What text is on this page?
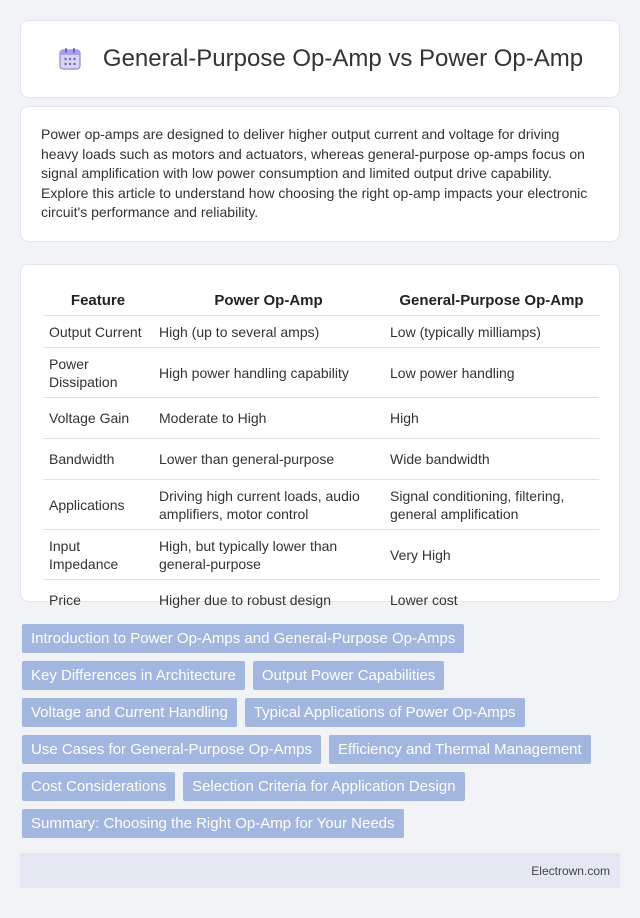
General-Purpose Op-Amp vs Power Op-Amp

Power op-amps are designed to deliver higher output current and voltage for driving heavy loads such as motors and actuators, whereas general-purpose op-amps focus on signal amplification with low power consumption and limited output drive capability. Explore this article to understand how choosing the right op-amp impacts your electronic circuit's performance and reliability.

Feature	Power Op-Amp	General-Purpose Op-Amp
Output Current	High (up to several amps)	Low (typically milliamps)
Power Dissipation	High power handling capability	Low power handling
Voltage Gain	Moderate to High	High
Bandwidth	Lower than general-purpose	Wide bandwidth
Applications	Driving high current loads, audio amplifiers, motor control	Signal conditioning, filtering, general amplification
Input Impedance	High, but typically lower than general-purpose	Very High
Price	Higher due to robust design	Lower cost
Introduction to Power Op-Amps and General-Purpose Op-Amps
Key Differences in Architecture	Output Power Capabilities
Voltage and Current Handling	Typical Applications of Power Op-Amps
Use Cases for General-Purpose Op-Amps	Efficiency and Thermal Management
Cost Considerations	Selection Criteria for Application Design
Summary: Choosing the Right Op-Amp for Your Needs
Electrown.com
